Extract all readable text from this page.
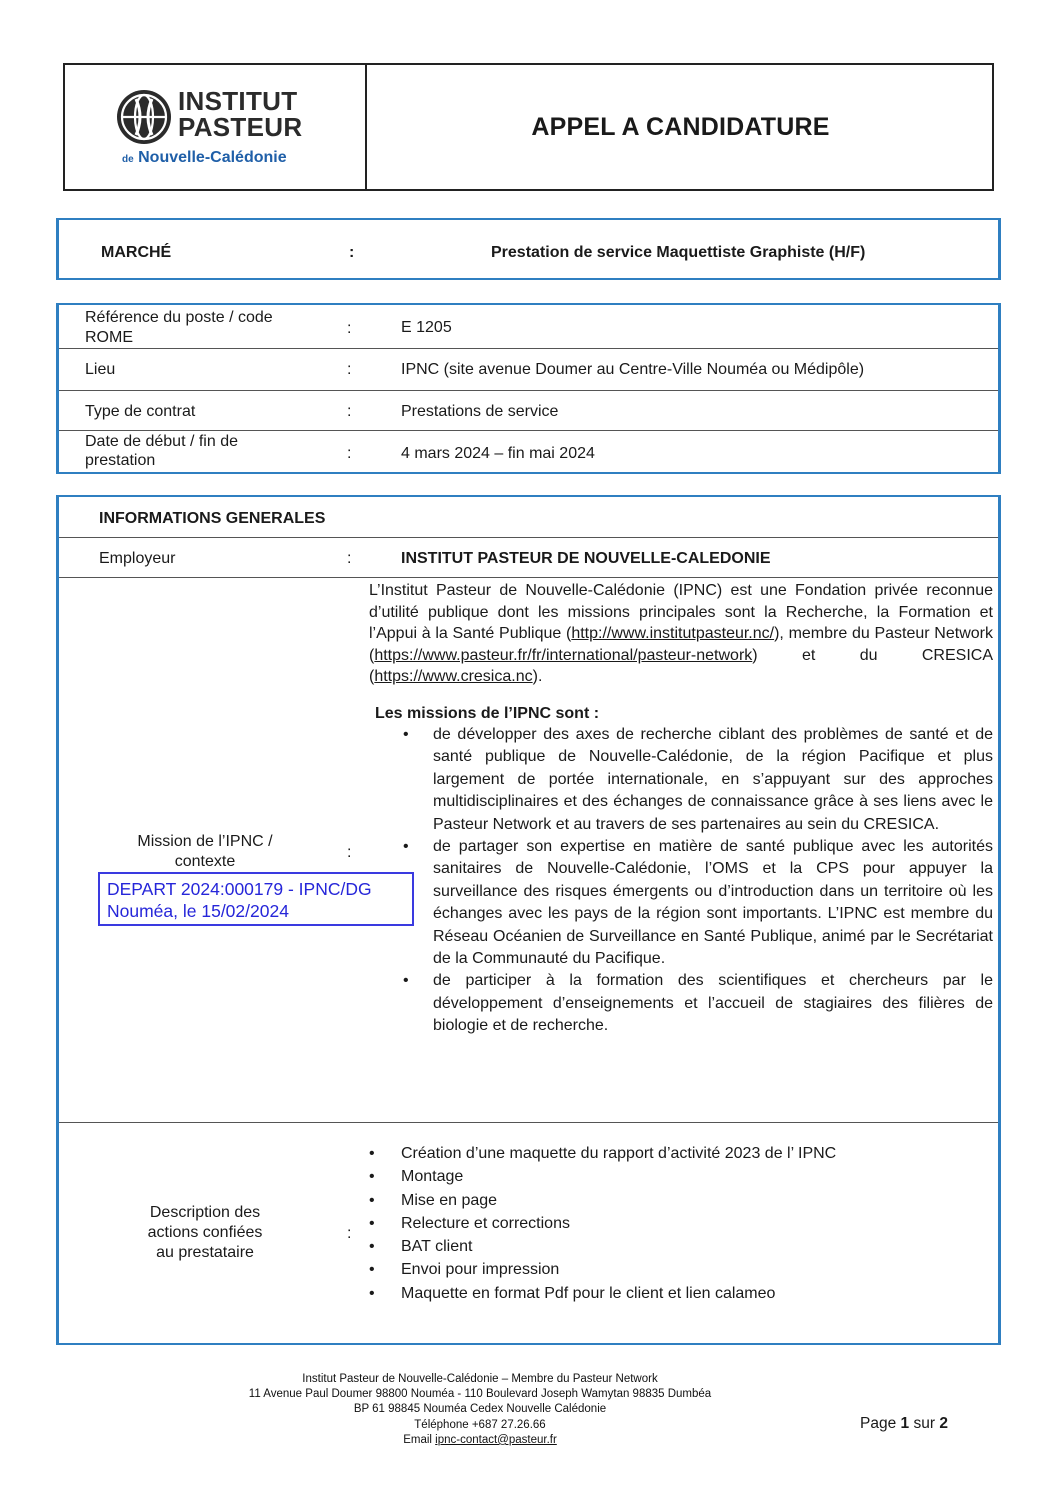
INSTITUT
PASTEUR
de Nouvelle-Calédonie
APPEL A CANDIDATURE
MARCHÉ	:	Prestation de service Maquettiste Graphiste (H/F)
Référence du poste / code
ROME
:	E 1205
Lieu	:	IPNC (site avenue Doumer au Centre-Ville Nouméa ou Médipôle)
Type de contrat	:	Prestations de service
Date de début / fin de
prestation	:	4 mars 2024 – fin mai 2024
INFORMATIONS GENERALES
Employeur	:	INSTITUT PASTEUR DE NOUVELLE-CALEDONIE
Mission de l’IPNC /
contexte
:
L’Institut Pasteur de Nouvelle-Calédonie (IPNC) est une Fondation privée reconnue d’utilité publique dont les missions principales sont la Recherche, la Formation et l’Appui à la Santé Publique (http://www.institutpasteur.nc/), membre du Pasteur Network (https://www.pasteur.fr/fr/international/pasteur-network) et du CRESICA (https://www.cresica.nc).
Les missions de l’IPNC sont :
• de développer des axes de recherche ciblant des problèmes de santé et de santé publique de Nouvelle-Calédonie, de la région Pacifique et plus largement de portée internationale, en s’appuyant sur des approches multidisciplinaires et des échanges de connaissance grâce à ses liens avec le Pasteur Network et au travers de ses partenaires au sein du CRESICA.
• de partager son expertise en matière de santé publique avec les autorités sanitaires de Nouvelle-Calédonie, l’OMS et la CPS pour appuyer la surveillance des risques émergents ou d’introduction dans un territoire où les échanges avec les pays de la région sont importants. L’IPNC est membre du Réseau Océanien de Surveillance en Santé Publique, animé par le Secrétariat de la Communauté du Pacifique.
• de participer à la formation des scientifiques et chercheurs par le développement d’enseignements et l’accueil de stagiaires des filières de biologie et de recherche.
Description des
actions confiées
au prestataire
:
• Création d’une maquette du rapport d’activité 2023 de l’ IPNC
• Montage
• Mise en page
• Relecture et corrections
• BAT client
• Envoi pour impression
• Maquette en format Pdf pour le client et lien calameo
DEPART 2024:000179 - IPNC/DG
Nouméa, le 15/02/2024
Institut Pasteur de Nouvelle-Calédonie – Membre du Pasteur Network
11 Avenue Paul Doumer 98800 Nouméa - 110 Boulevard Joseph Wamytan 98835 Dumbéa
BP 61 98845 Nouméa Cedex Nouvelle Calédonie
Téléphone +687 27.26.66
Email ipnc-contact@pasteur.fr
Page 1 sur 2
